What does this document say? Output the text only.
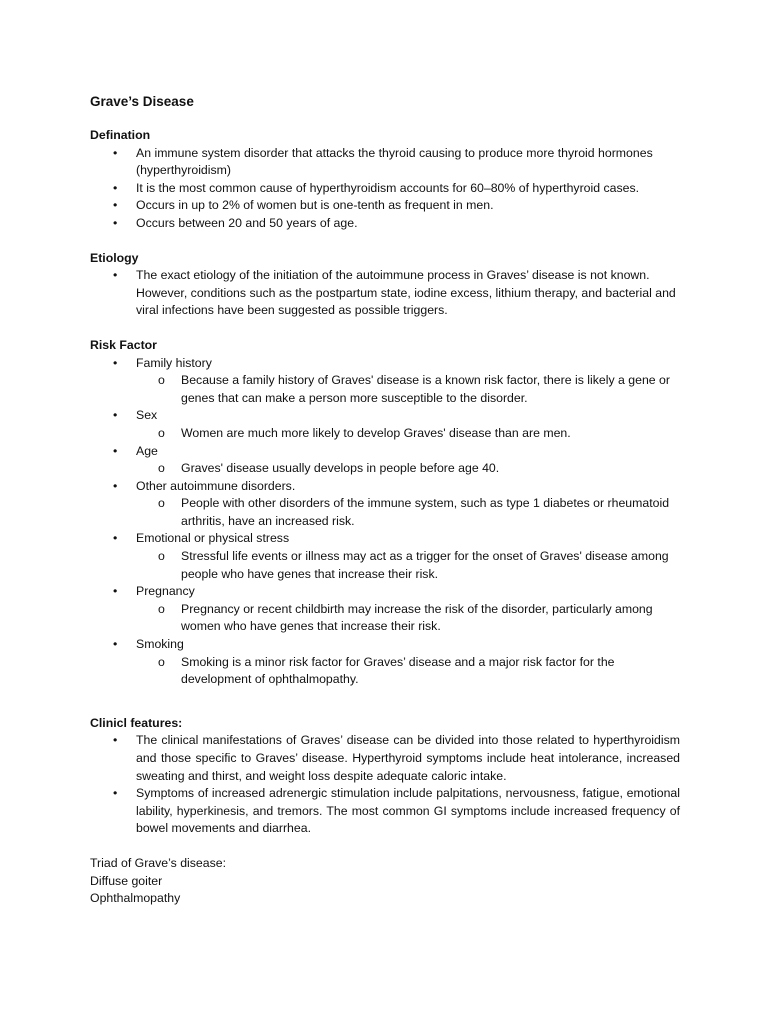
Grave’s Disease
Defination
• An immune system disorder that attacks the thyroid causing to produce more thyroid hormones (hyperthyroidism)
• It is the most common cause of hyperthyroidism accounts for 60–80% of hyperthyroid cases.
• Occurs in up to 2% of women but is one-tenth as frequent in men.
• Occurs between 20 and 50 years of age.
Etiology
• The exact etiology of the initiation of the autoimmune process in Graves’ disease is not known. However, conditions such as the postpartum state, iodine excess, lithium therapy, and bacterial and viral infections have been suggested as possible triggers.
Risk Factor
• Family history
o Because a family history of Graves' disease is a known risk factor, there is likely a gene or genes that can make a person more susceptible to the disorder.
• Sex
o Women are much more likely to develop Graves' disease than are men.
• Age
o Graves' disease usually develops in people before age 40.
• Other autoimmune disorders.
o People with other disorders of the immune system, such as type 1 diabetes or rheumatoid arthritis, have an increased risk.
• Emotional or physical stress
o Stressful life events or illness may act as a trigger for the onset of Graves' disease among people who have genes that increase their risk.
• Pregnancy
o Pregnancy or recent childbirth may increase the risk of the disorder, particularly among women who have genes that increase their risk.
• Smoking
o Smoking is a minor risk factor for Graves’ disease and a major risk factor for the development of ophthalmopathy.
Clinicl features:
• The clinical manifestations of Graves’ disease can be divided into those related to hyperthyroidism and those specific to Graves’ disease. Hyperthyroid symptoms include heat intolerance, increased sweating and thirst, and weight loss despite adequate caloric intake.
• Symptoms of increased adrenergic stimulation include palpitations, nervousness, fatigue, emotional lability, hyperkinesis, and tremors. The most common GI symptoms include increased frequency of bowel movements and diarrhea.

Triad of Grave’s disease:

Diffuse goiter

Ophthalmopathy
